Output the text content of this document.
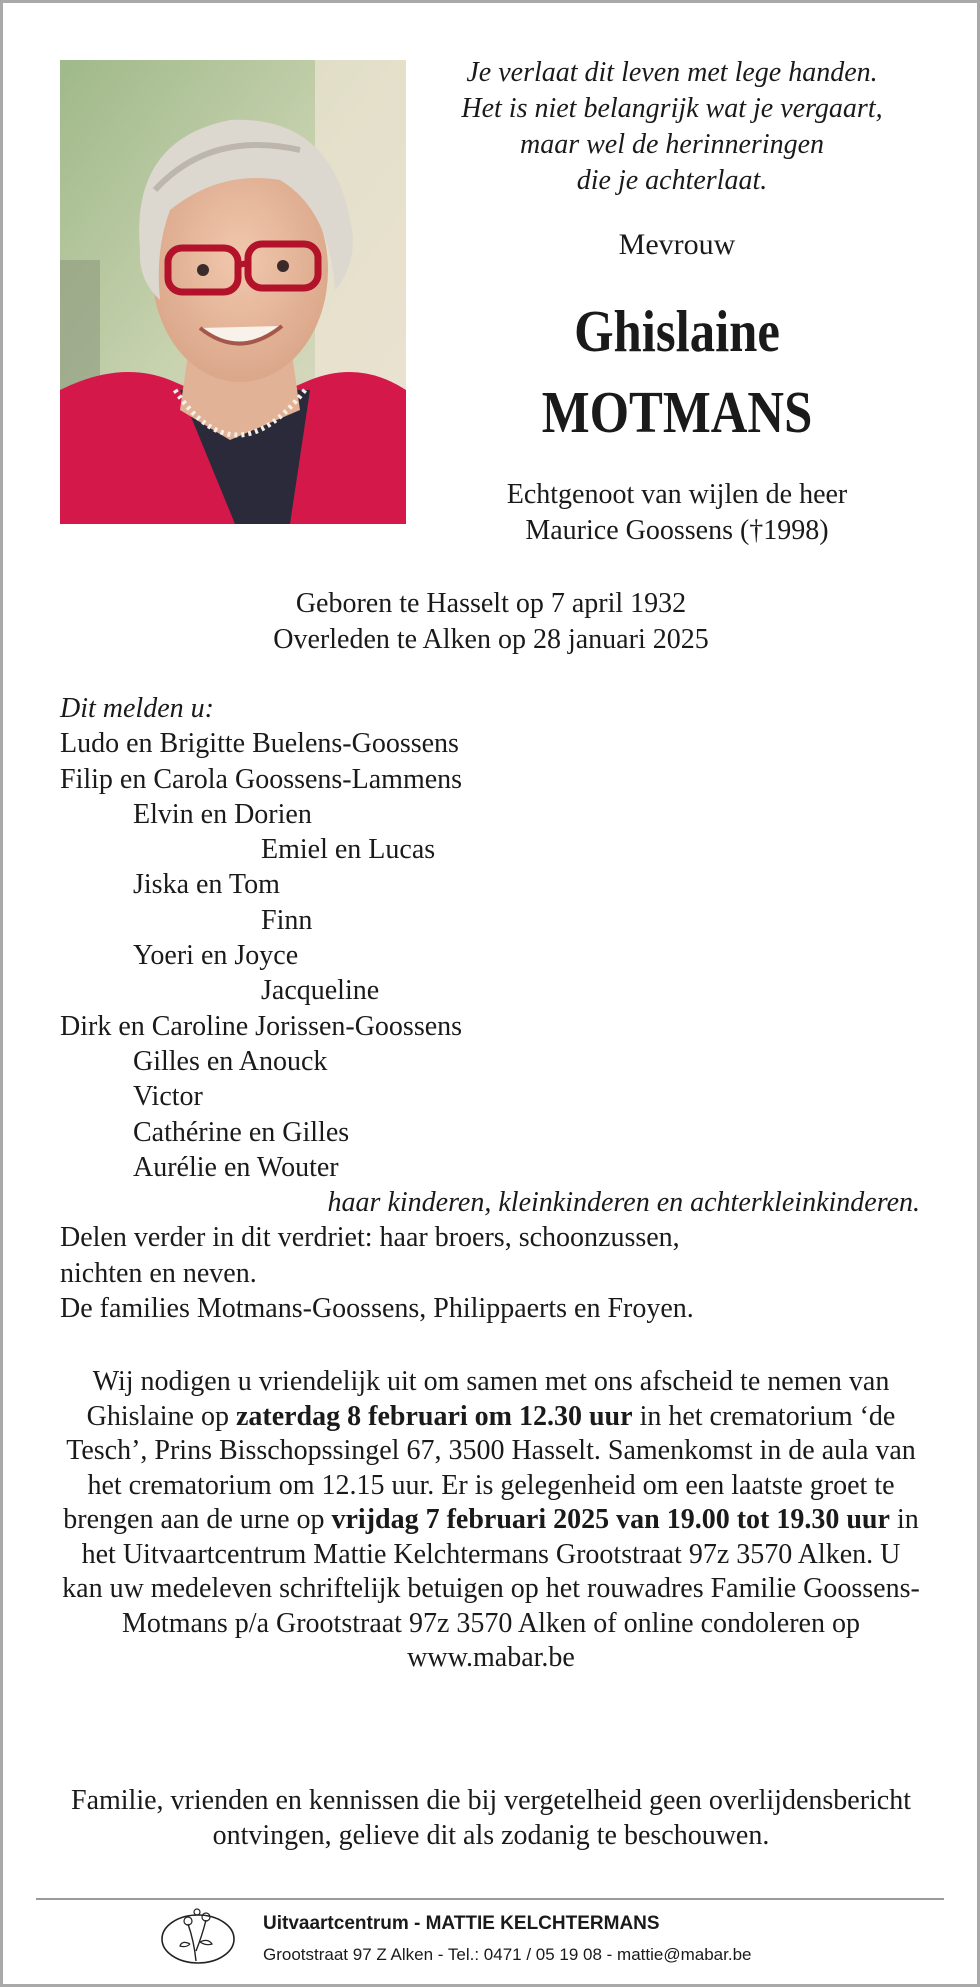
Je verlaat dit leven met lege handen.
Het is niet belangrijk wat je vergaart,
maar wel de herinneringen
die je achterlaat.
Mevrouw
Ghislaine
MOTMANS
Echtgenoot van wijlen de heer
Maurice Goossens (†1998)
Geboren te Hasselt op 7 april 1932
Overleden te Alken op 28 januari 2025
Dit melden u:
Ludo en Brigitte Buelens-Goossens
Filip en Carola Goossens-Lammens
Elvin en Dorien
Emiel en Lucas
Jiska en Tom
Finn
Yoeri en Joyce
Jacqueline
Dirk en Caroline Jorissen-Goossens
Gilles en Anouck
Victor
Cathérine en Gilles
Aurélie en Wouter
haar kinderen, kleinkinderen en achterkleinkinderen.
Delen verder in dit verdriet: haar broers, schoonzussen,
nichten en neven.
De families Motmans-Goossens, Philippaerts en Froyen.
Wij nodigen u vriendelijk uit om samen met ons afscheid te nemen van Ghislaine op zaterdag 8 februari om 12.30 uur in het crematorium ‘de Tesch’, Prins Bisschopssingel 67, 3500 Hasselt. Samenkomst in de aula van het crematorium om 12.15 uur. Er is gelegenheid om een laatste groet te brengen aan de urne op vrijdag 7 februari 2025 van 19.00 tot 19.30 uur in het Uitvaartcentrum Mattie Kelchtermans Grootstraat 97z 3570 Alken. U kan uw medeleven schriftelijk betuigen op het rouwadres Familie Goossens-Motmans p/a Grootstraat 97z 3570 Alken of online condoleren op www.mabar.be
Familie, vrienden en kennissen die bij vergetelheid geen overlijdensbericht ontvingen, gelieve dit als zodanig te beschouwen.
Uitvaartcentrum - MATTIE KELCHTERMANS
Grootstraat 97 Z Alken - Tel.: 0471 / 05 19 08 - mattie@mabar.be
